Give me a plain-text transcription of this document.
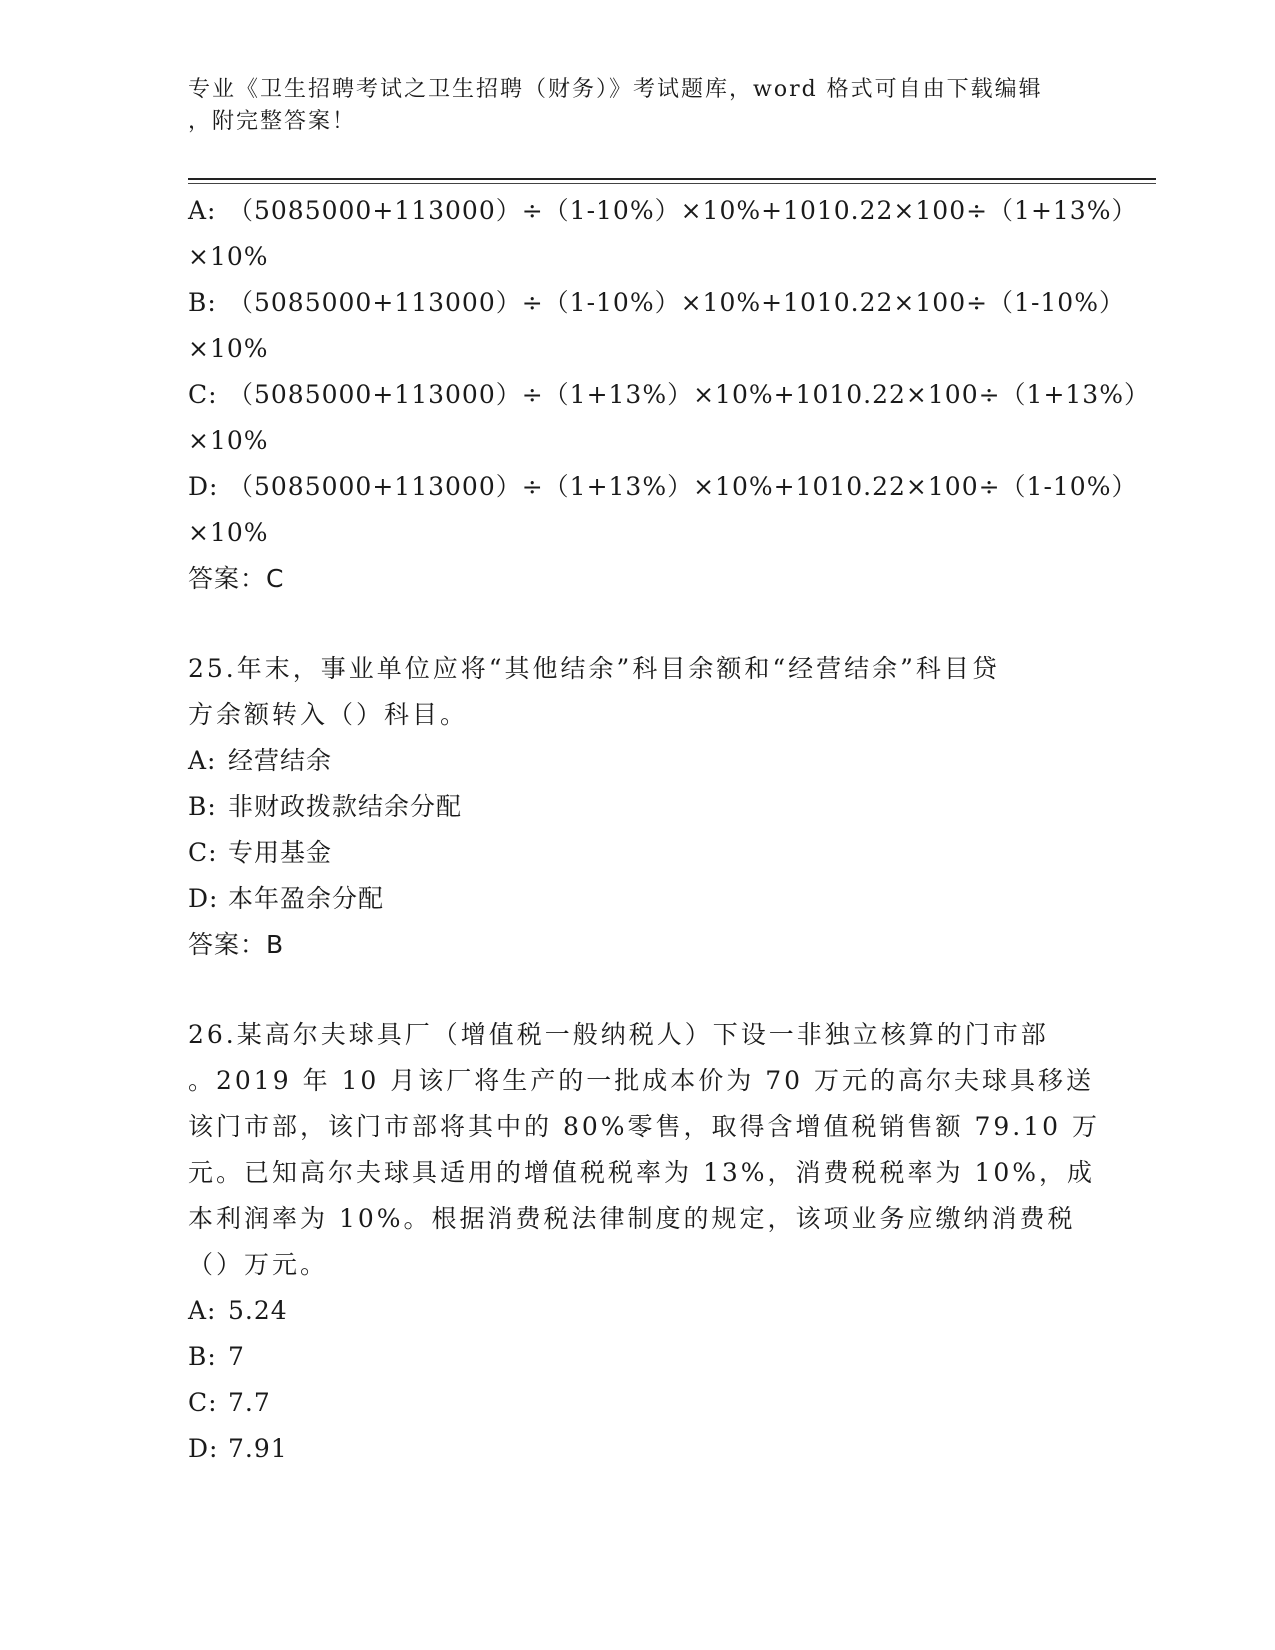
专业《卫生招聘考试之卫生招聘（财务）》考试题库，word 格式可自由下载编辑
，附完整答案！
A: （5085000+113000）÷（1-10%）×10%+1010.22×100÷（1+13%）
×10%
B: （5085000+113000）÷（1-10%）×10%+1010.22×100÷（1-10%）
×10%
C: （5085000+113000）÷（1+13%）×10%+1010.22×100÷（1+13%）
×10%
D: （5085000+113000）÷（1+13%）×10%+1010.22×100÷（1-10%）
×10%
答案：C
25.年末，事业单位应将“其他结余”科目余额和“经营结余”科目贷
方余额转入（）科目。
A: 经营结余
B: 非财政拨款结余分配
C: 专用基金
D: 本年盈余分配
答案：B
26.某高尔夫球具厂（增值税一般纳税人）下设一非独立核算的门市部
。2019 年 10 月该厂将生产的一批成本价为 70 万元的高尔夫球具移送
该门市部，该门市部将其中的 80%零售，取得含增值税销售额 79.10 万
元。已知高尔夫球具适用的增值税税率为 13%，消费税税率为 10%，成
本利润率为 10%。根据消费税法律制度的规定，该项业务应缴纳消费税
（）万元。
A: 5.24
B: 7
C: 7.7
D: 7.91
